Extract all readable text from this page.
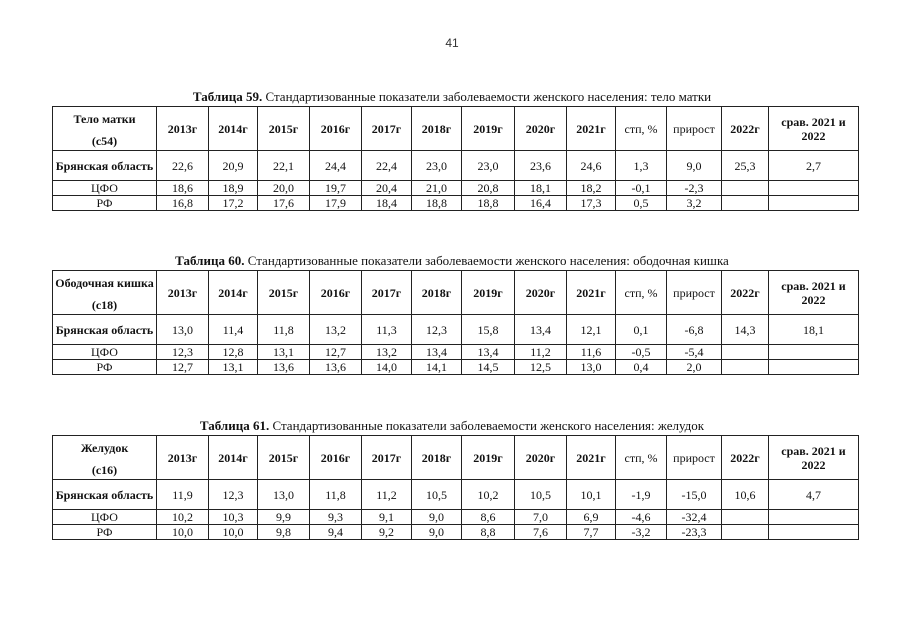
41
Таблица 59. Стандартизованные показатели заболеваемости женского населения: тело матки
Тело матки
(с54)	2013г	2014г	2015г	2016г	2017г	2018г	2019г	2020г	2021г	стп, %	прирост	2022г	срав. 2021 и 2022
Брянская область	22,6	20,9	22,1	24,4	22,4	23,0	23,0	23,6	24,6	1,3	9,0	25,3	2,7
ЦФО	18,6	18,9	20,0	19,7	20,4	21,0	20,8	18,1	18,2	-0,1	-2,3		
РФ	16,8	17,2	17,6	17,9	18,4	18,8	18,8	16,4	17,3	0,5	3,2		
Таблица 60. Стандартизованные показатели заболеваемости женского населения: ободочная кишка
Ободочная кишка
(с18)	2013г	2014г	2015г	2016г	2017г	2018г	2019г	2020г	2021г	стп, %	прирост	2022г	срав. 2021 и 2022
Брянская область	13,0	11,4	11,8	13,2	11,3	12,3	15,8	13,4	12,1	0,1	-6,8	14,3	18,1
ЦФО	12,3	12,8	13,1	12,7	13,2	13,4	13,4	11,2	11,6	-0,5	-5,4		
РФ	12,7	13,1	13,6	13,6	14,0	14,1	14,5	12,5	13,0	0,4	2,0		
Таблица 61. Стандартизованные показатели заболеваемости женского населения: желудок
Желудок
(с16)	2013г	2014г	2015г	2016г	2017г	2018г	2019г	2020г	2021г	стп, %	прирост	2022г	срав. 2021 и 2022
Брянская область	11,9	12,3	13,0	11,8	11,2	10,5	10,2	10,5	10,1	-1,9	-15,0	10,6	4,7
ЦФО	10,2	10,3	9,9	9,3	9,1	9,0	8,6	7,0	6,9	-4,6	-32,4		
РФ	10,0	10,0	9,8	9,4	9,2	9,0	8,8	7,6	7,7	-3,2	-23,3		
